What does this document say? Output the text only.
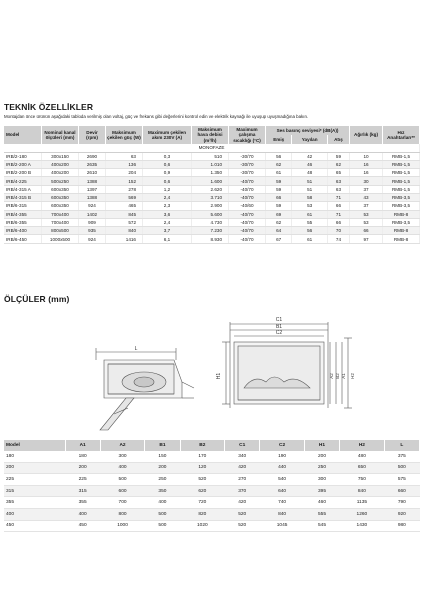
TEKNİK ÖZELLİKLER
Montajdan önce ürünün aşağıdaki tabloda verilmiş olan voltaj, güç ve frekans gibi değerlerini kontrol edin ve elektrik kaynağı ile uyuşup uyuşmadığına bakın.
Model	Nominal kanal ölçüleri (mm)	Devir (rpm)	Maksimum çekilen güç (W)	Maximum çekilen akım 230V (A)	Maksimum hava debisi (m³/h)	Maximum çalışma sıcaklığı (°C)	Ses basınç seviyesi* (dB(A))			Ağırlık (kg)	Hız Anahtarları**
							Emiş	Yayılan	Atış		
MONOFAZE											
IRB/2-180	300x150	2690	63	0,3	510	-30/70	56	42	59	10	RMB-1,5
IRB/2-200 A	400x200	2635	136	0,6	1.010	-30/70	62	46	62	16	RMB-1,5
IRB/2-200 B	400x200	2610	204	0,9	1.350	-30/70	61	48	65	16	RMB-1,5
IRB/4-225	500x250	1388	152	0,6	1.600	-40/70	59	51	63	30	RMB-1,5
IRB/4-315 A	600x350	1397	278	1,2	2.620	-40/70	59	51	63	37	RMB-1,5
IRB/4-315 B	600x350	1388	569	2,4	3.710	-40/70	66	58	71	43	RMB-3,5
IRB/6-315	600x350	924	465	2,3	2.900	-40/60	59	53	66	37	RMB-3,5
IRB/4-355	700x400	1402	845	3,6	5.600	-40/70	69	61	71	53	RMB-8
IRB/6-355	700x400	909	572	2,4	4.730	-40/70	62	55	66	53	RMB-3,5
IRB/6-400	800x500	935	840	3,7	7.230	-40/70	64	56	70	66	RMB-8
IRB/6-450	1000x500	924	1416	6,1	8.930	-40/70	67	61	74	97	RMB-8
ÖLÇÜLER (mm)
L
C1
B1
C2
H1	A2 B2 A1 H2
Model	A1	A2	B1	B2	C1	C2	H1	H2	L
180	180	300	150	170	340	190	200	480	375
200	200	400	200	120	420	440	250	650	500
225	225	500	250	520	270	540	300	750	575
315	315	600	350	620	370	640	395	840	660
355	355	700	400	720	420	740	460	1135	790
400	400	800	500	820	520	840	555	1260	920
450	450	1000	500	1020	520	1045	545	1430	980
